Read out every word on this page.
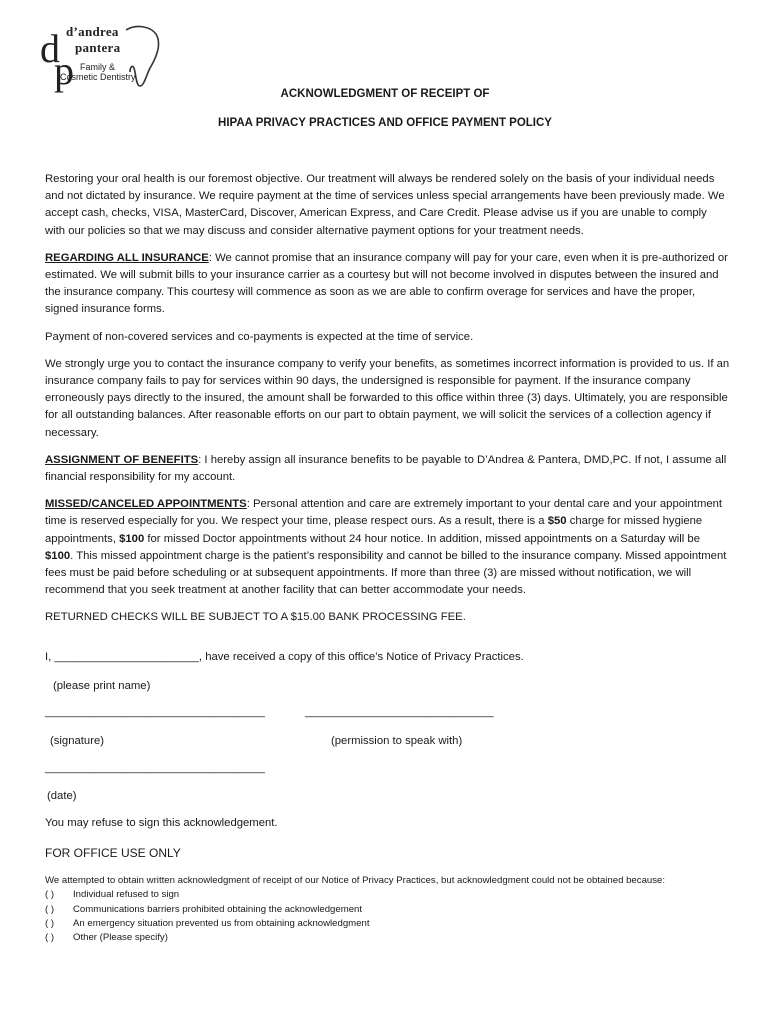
d
p
d’andrea
pantera
Family &
Cosmetic Dentistry
ACKNOWLEDGMENT OF RECEIPT OF
HIPAA PRIVACY PRACTICES AND OFFICE PAYMENT POLICY

Restoring your oral health is our foremost objective. Our treatment will always be rendered solely on the basis of your individual needs and not dictated by insurance. We require payment at the time of services unless special arrangements have been previously made. We accept cash, checks, VISA, MasterCard, Discover, American Express, and Care Credit. Please advise us if you are unable to comply with our policies so that we may discuss and consider alternative payment options for your treatment needs.

REGARDING ALL INSURANCE: We cannot promise that an insurance company will pay for your care, even when it is pre-authorized or estimated. We will submit bills to your insurance carrier as a courtesy but will not become involved in disputes between the insured and the insurance company. This courtesy will commence as soon as we are able to confirm overage for services and have the proper, signed insurance forms.

Payment of non-covered services and co-payments is expected at the time of service.

We strongly urge you to contact the insurance company to verify your benefits, as sometimes incorrect information is provided to us. If an insurance company fails to pay for services within 90 days, the undersigned is responsible for payment. If the insurance company erroneously pays directly to the insured, the amount shall be forwarded to this office within three (3) days. Ultimately, you are responsible for all outstanding balances. After reasonable efforts on our part to obtain payment, we will solicit the services of a collection agency if necessary.

ASSIGNMENT OF BENEFITS: I hereby assign all insurance benefits to be payable to D’Andrea & Pantera, DMD,PC. If not, I assume all financial responsibility for my account.

MISSED/CANCELED APPOINTMENTS: Personal attention and care are extremely important to your dental care and your appointment time is reserved especially for you. We respect your time, please respect ours. As a result, there is a $50 charge for missed hygiene appointments, $100 for missed Doctor appointments without 24 hour notice. In addition, missed appointments on a Saturday will be $100. This missed appointment charge is the patient’s responsibility and cannot be billed to the insurance company. Missed appointment fees must be paid before scheduling or at subsequent appointments. If more than three (3) are missed without notification, we will recommend that you seek treatment at another facility that can better accommodate your needs.

RETURNED CHECKS WILL BE SUBJECT TO A $15.00 BANK PROCESSING FEE.

I, _______________________, have received a copy of this office’s Notice of Privacy Practices.
(please print name)
___________________________________	______________________________
(signature)	(permission to speak with)
___________________________________
(date)
You may refuse to sign this acknowledgement.
FOR OFFICE USE ONLY
We attempted to obtain written acknowledgment of receipt of our Notice of Privacy Practices, but acknowledgment could not be obtained because:
( )	Individual refused to sign
( )	Communications barriers prohibited obtaining the acknowledgement
( )	An emergency situation prevented us from obtaining acknowledgment
( )	Other (Please specify)
